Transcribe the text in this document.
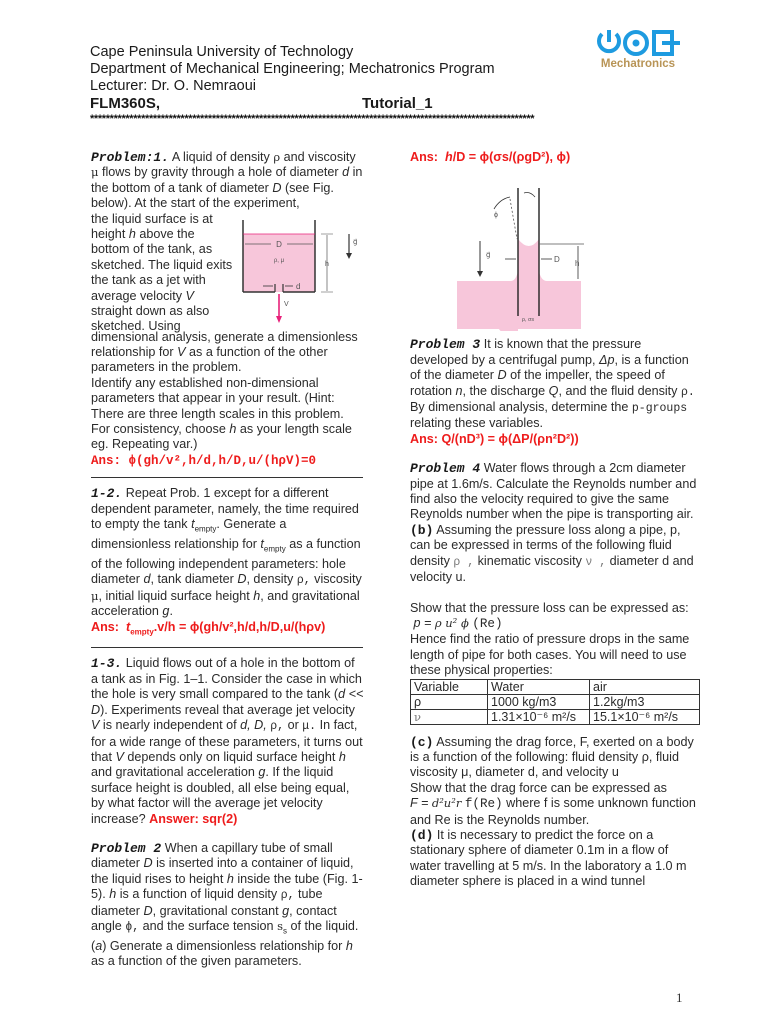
Cape Peninsula University of Technology
Department of Mechanical Engineering; Mechatronics Program
Lecturer: Dr. O. Nemraoui
FLM360S,	Tutorial_1
*****************************************************************************************************************
Mechatronics

Problem:1. A liquid of density ρ and viscosity μ flows by gravity through a hole of diameter d in the bottom of a tank of diameter D (see Fig. below). At the start of the experiment,

the liquid surface is at
height h above the
bottom of the tank, as
sketched. The liquid exits
the tank as a jet with
average velocity V
straight down as also
sketched. Using
D
ρ, μ
d
h
g⃗
V

dimensional analysis, generate a dimensionless relationship for V as a function of the other parameters in the problem.

Identify any established non-dimensional parameters that appear in your result. (Hint: There are three length scales in this problem. For consistency, choose h as your length scale eg. Repeating var.)

Ans: ϕ(gh/v²,h/d,h/D,u/(hρV)=0

1-2. Repeat Prob. 1 except for a different dependent parameter, namely, the time required to empty the tank $t_{empty}$. Generate a dimensionless relationship for $t_{empty}$ as a function of the following independent parameters: hole diameter d, tank diameter D, density ρ, viscosity μ, initial liquid surface height h, and gravitational acceleration g.

Ans: $t_{empty}.v/h = \phi(gh/v^2,h/d,h/D,u/(h\rho v)$

1-3. Liquid flows out of a hole in the bottom of a tank as in Fig. 1–1. Consider the case in which the hole is very small compared to the tank (d << D). Experiments reveal that average jet velocity V is nearly independent of d, D, ρ, or μ. In fact, for a wide range of these parameters, it turns out that V depends only on liquid surface height h and gravitational acceleration g. If the liquid surface height is doubled, all else being equal, by what factor will the average jet velocity increase? Answer: sqr(2)

Problem 2 When a capillary tube of small diameter D is inserted into a container of liquid, the liquid rises to height h inside the tube (Fig. 1-5). h is a function of liquid density ρ, tube diameter D, gravitational constant g, contact angle ϕ, and the surface tension $s_s$ of the liquid. (a) Generate a dimensionless relationship for h as a function of the given parameters.

Ans: h/D = ϕ(σs/(ρgD²), ϕ)

ϕ
g⃗	D h
ρ, σs

Problem 3 It is known that the pressure developed by a centrifugal pump, Δp, is a function of the diameter D of the impeller, the speed of rotation n, the discharge Q, and the fluid density ρ. By dimensional analysis, determine the p-groups relating these variables.

Ans: Q/(nD³) = ϕ(ΔP/(ρn²D²))

Problem 4 Water flows through a 2cm diameter pipe at 1.6m/s. Calculate the Reynolds number and find also the velocity required to give the same Reynolds number when the pipe is transporting air.

(b) Assuming the pressure loss along a pipe, p, can be expressed in terms of the following fluid density ρ , kinematic viscosity ν , diameter d and velocity u.

Show that the pressure loss can be expressed as:  p = ρ u² ϕ (Re)

Hence find the ratio of pressure drops in the same length of pipe for both cases. You will need to use these physical properties:

Variable	Water	air
ρ	1000 kg/m3	1.2kg/m3
ν	1.31×10⁻⁶ m²/s	15.1×10⁻⁶ m²/s

(c) Assuming the drag force, F, exerted on a body is a function of the following: fluid density ρ, fluid viscosity μ, diameter d, and velocity u

Show that the drag force can be expressed as

F = d²u²r f(Re) where f is some unknown function and Re is the Reynolds number.

(d) It is necessary to predict the force on a stationary sphere of diameter 0.1m in a flow of water travelling at 5 m/s. In the laboratory a 1.0 m diameter sphere is placed in a wind tunnel

1
